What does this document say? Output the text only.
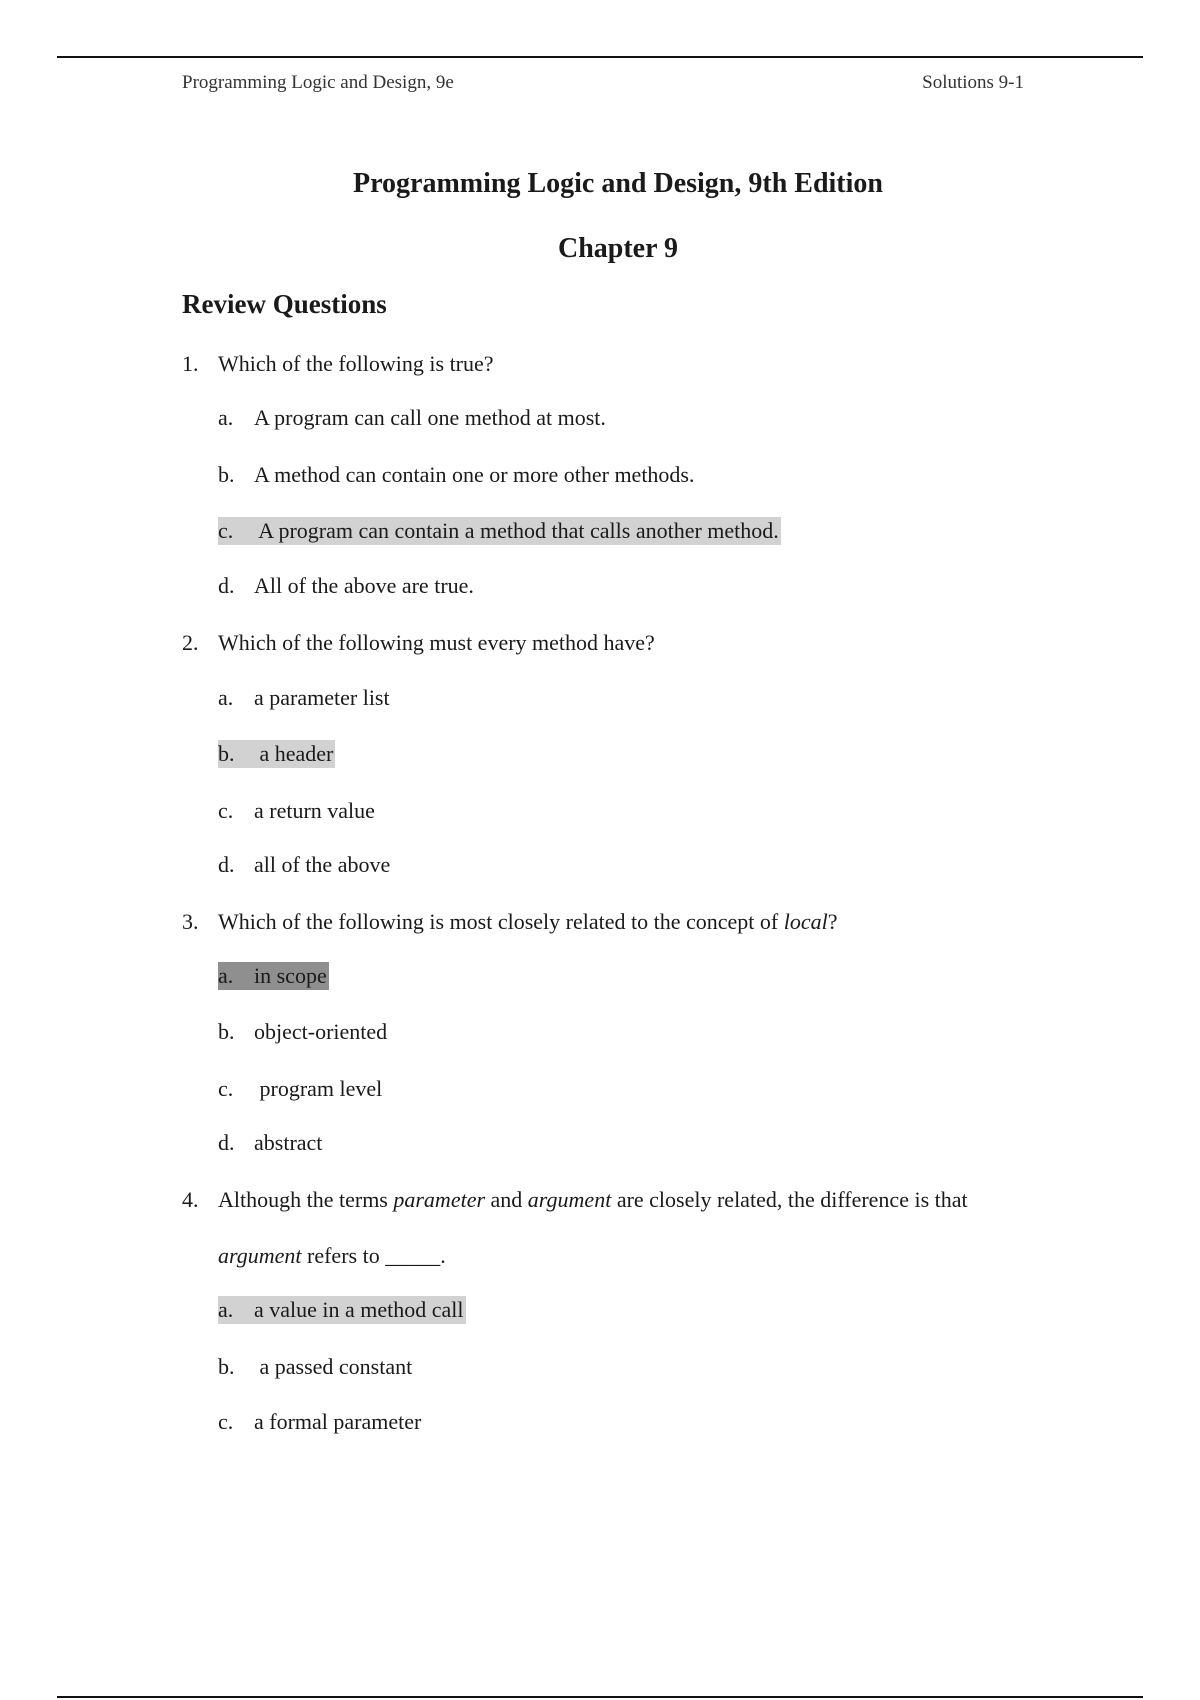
Programming Logic and Design, 9e	Solutions 9-1
Programming Logic and Design, 9th Edition
Chapter 9
Review Questions
1. Which of the following is true?
a. A program can call one method at most.
b. A method can contain one or more other methods.
c. A program can contain a method that calls another method.
d. All of the above are true.
2. Which of the following must every method have?
a. a parameter list
b. a header
c. a return value
d. all of the above
3. Which of the following is most closely related to the concept of local?
a. in scope
b. object-oriented
c. program level
d. abstract
4. Although the terms parameter and argument are closely related, the difference is that
argument refers to _____.
a. a value in a method call
b. a passed constant
c. a formal parameter
